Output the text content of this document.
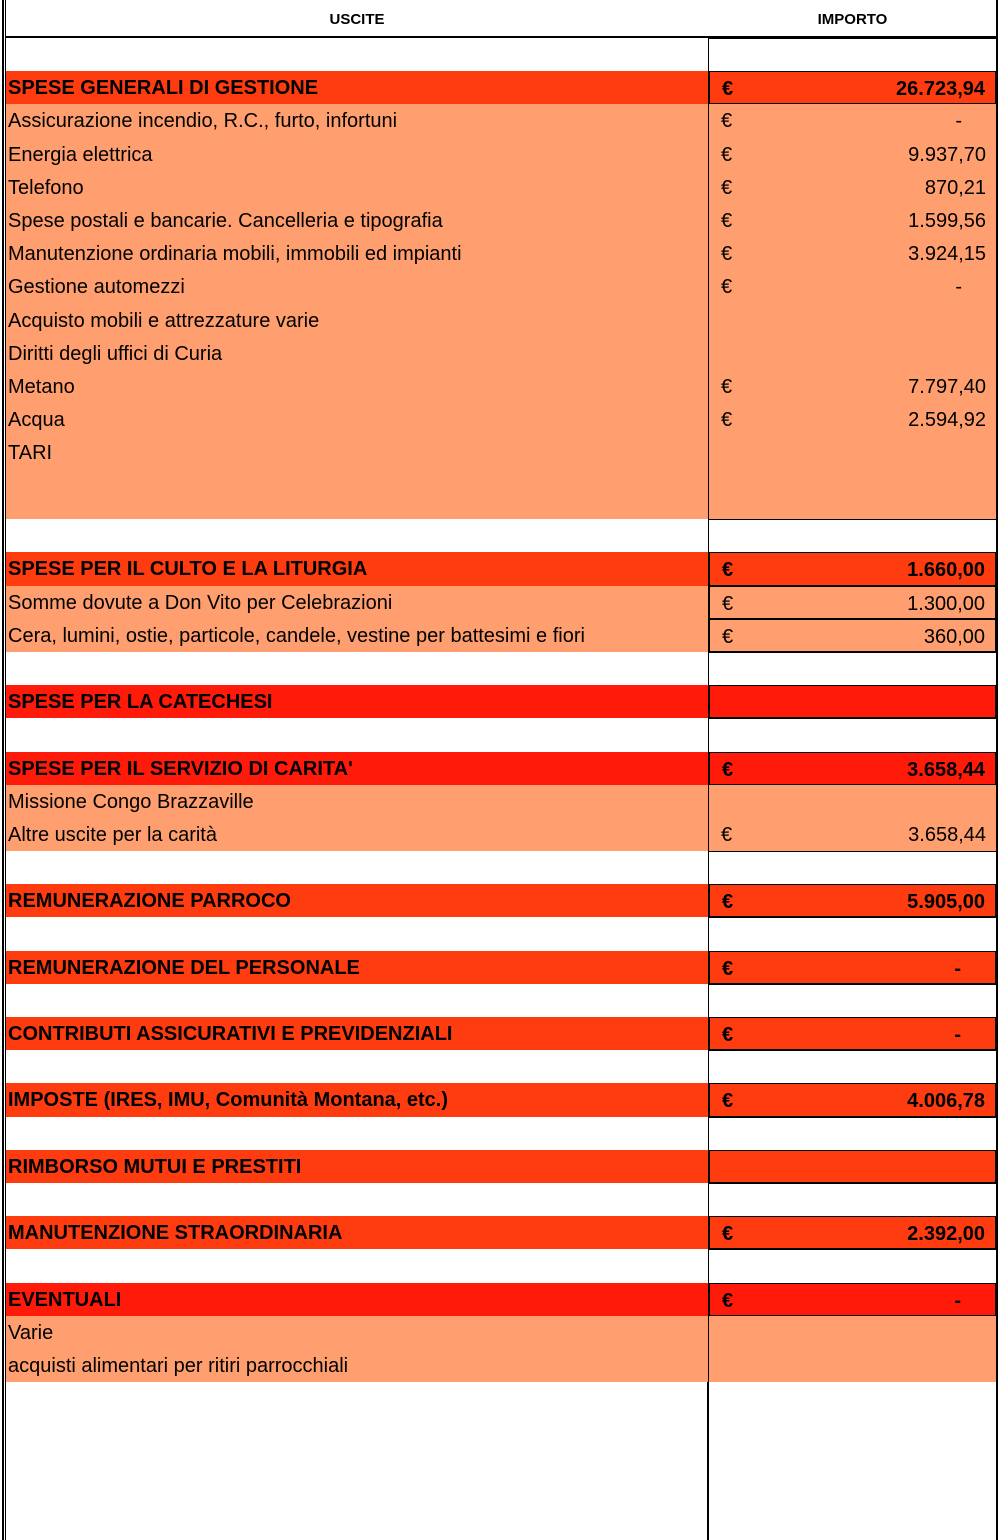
USCITE	IMPORTO
SPESE GENERALI DI GESTIONE	€	26.723,94
Assicurazione incendio, R.C., furto, infortuni	€	-
Energia elettrica	€	9.937,70
Telefono	€	870,21
Spese postali e bancarie. Cancelleria e tipografia	€	1.599,56
Manutenzione ordinaria mobili, immobili ed impianti	€	3.924,15
Gestione automezzi	€	-
Acquisto mobili e attrezzature varie
Diritti degli uffici di Curia
Metano	€	7.797,40
Acqua	€	2.594,92
TARI
SPESE PER IL CULTO E LA LITURGIA	€	1.660,00
Somme dovute a Don Vito per Celebrazioni	€	1.300,00
Cera, lumini, ostie, particole, candele, vestine per battesimi e fiori	€	360,00
SPESE PER LA CATECHESI
SPESE PER IL SERVIZIO DI CARITA'	€	3.658,44
Missione Congo Brazzaville
Altre uscite per la carità	€	3.658,44
REMUNERAZIONE PARROCO	€	5.905,00
REMUNERAZIONE DEL PERSONALE	€	-
CONTRIBUTI ASSICURATIVI E PREVIDENZIALI	€	-
IMPOSTE (IRES, IMU, Comunità Montana, etc.)	€	4.006,78
RIMBORSO MUTUI E PRESTITI
MANUTENZIONE STRAORDINARIA	€	2.392,00
EVENTUALI	€	-
Varie
acquisti alimentari per ritiri parrocchiali
